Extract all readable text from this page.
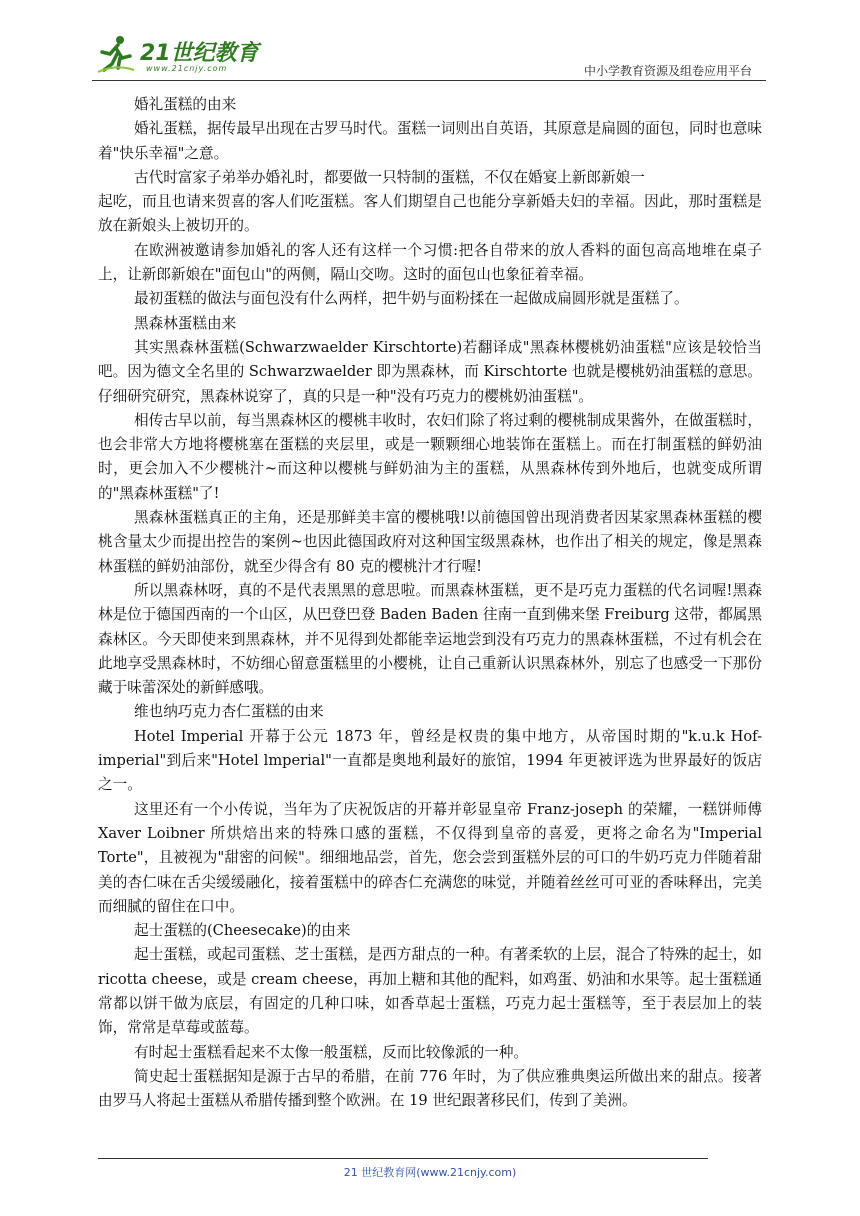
21世纪教育
www.21cnjy.com	中小学教育资源及组卷应用平台

婚礼蛋糕的由来

婚礼蛋糕，据传最早出现在古罗马时代。蛋糕一词则出自英语，其原意是扁圆的面包，同时也意味着"快乐幸福"之意。

古代时富家子弟举办婚礼时，都要做一只特制的蛋糕，不仅在婚宴上新郎新娘一

起吃，而且也请来贺喜的客人们吃蛋糕。客人们期望自己也能分享新婚夫妇的幸福。因此，那时蛋糕是放在新娘头上被切开的。

在欧洲被邀请参加婚礼的客人还有这样一个习惯:把各自带来的放人香料的面包高高地堆在桌子上，让新郎新娘在"面包山"的两侧，隔山交吻。这时的面包山也象征着幸福。

最初蛋糕的做法与面包没有什么两样，把牛奶与面粉揉在一起做成扁圆形就是蛋糕了。

黑森林蛋糕由来

其实黑森林蛋糕(Schwarzwaelder Kirschtorte)若翻译成"黑森林樱桃奶油蛋糕"应该是较恰当吧。因为德文全名里的 Schwarzwaelder 即为黑森林，而 Kirschtorte 也就是樱桃奶油蛋糕的意思。仔细研究研究，黑森林说穿了，真的只是一种"没有巧克力的樱桃奶油蛋糕"。

相传古早以前，每当黑森林区的樱桃丰收时，农妇们除了将过剩的樱桃制成果酱外，在做蛋糕时，也会非常大方地将樱桃塞在蛋糕的夹层里，或是一颗颗细心地装饰在蛋糕上。而在打制蛋糕的鲜奶油时，更会加入不少樱桃汁~而这种以樱桃与鲜奶油为主的蛋糕，从黑森林传到外地后，也就变成所谓的"黑森林蛋糕"了!

黑森林蛋糕真正的主角，还是那鲜美丰富的樱桃哦!以前德国曾出现消费者因某家黑森林蛋糕的樱桃含量太少而提出控告的案例~也因此德国政府对这种国宝级黑森林，也作出了相关的规定，像是黑森林蛋糕的鲜奶油部份，就至少得含有 80 克的樱桃汁才行喔!

所以黑森林呀，真的不是代表黑黑的意思啦。而黑森林蛋糕，更不是巧克力蛋糕的代名词喔!黑森林是位于德国西南的一个山区，从巴登巴登 Baden Baden 往南一直到佛来堡 Freiburg 这带，都属黑森林区。今天即使来到黑森林，并不见得到处都能幸运地尝到没有巧克力的黑森林蛋糕，不过有机会在此地享受黑森林时，不妨细心留意蛋糕里的小樱桃，让自己重新认识黑森林外，别忘了也感受一下那份藏于味蕾深处的新鲜感哦。

维也纳巧克力杏仁蛋糕的由来

Hotel Imperial 开幕于公元 1873 年，曾经是权贵的集中地方，从帝国时期的"k.u.k Hof-imperial"到后来"Hotel lmperial"一直都是奥地利最好的旅馆，1994 年更被评选为世界最好的饭店之一。

这里还有一个小传说，当年为了庆祝饭店的开幕并彰显皇帝 Franz-joseph 的荣耀，一糕饼师傅 Xaver Loibner 所烘焙出来的特殊口感的蛋糕，不仅得到皇帝的喜爱，更将之命名为"Imperial Torte"，且被视为"甜密的问候"。细细地品尝，首先，您会尝到蛋糕外层的可口的牛奶巧克力伴随着甜美的杏仁味在舌尖缓缓融化，接着蛋糕中的碎杏仁充满您的味觉，并随着丝丝可可亚的香味释出，完美而细腻的留住在口中。

起士蛋糕的(Cheesecake)的由来

起士蛋糕，或起司蛋糕、芝士蛋糕，是西方甜点的一种。有著柔软的上层，混合了特殊的起士，如 ricotta cheese，或是 cream cheese，再加上糖和其他的配料，如鸡蛋、奶油和水果等。起士蛋糕通常都以饼干做为底层，有固定的几种口味，如香草起士蛋糕，巧克力起士蛋糕等，至于表层加上的装饰，常常是草莓或蓝莓。

有时起士蛋糕看起来不太像一般蛋糕，反而比较像派的一种。

简史起士蛋糕据知是源于古早的希腊，在前 776 年时，为了供应雅典奥运所做出来的甜点。接著由罗马人将起士蛋糕从希腊传播到整个欧洲。在 19 世纪跟著移民们，传到了美洲。

21 世纪教育网(www.21cnjy.com)
